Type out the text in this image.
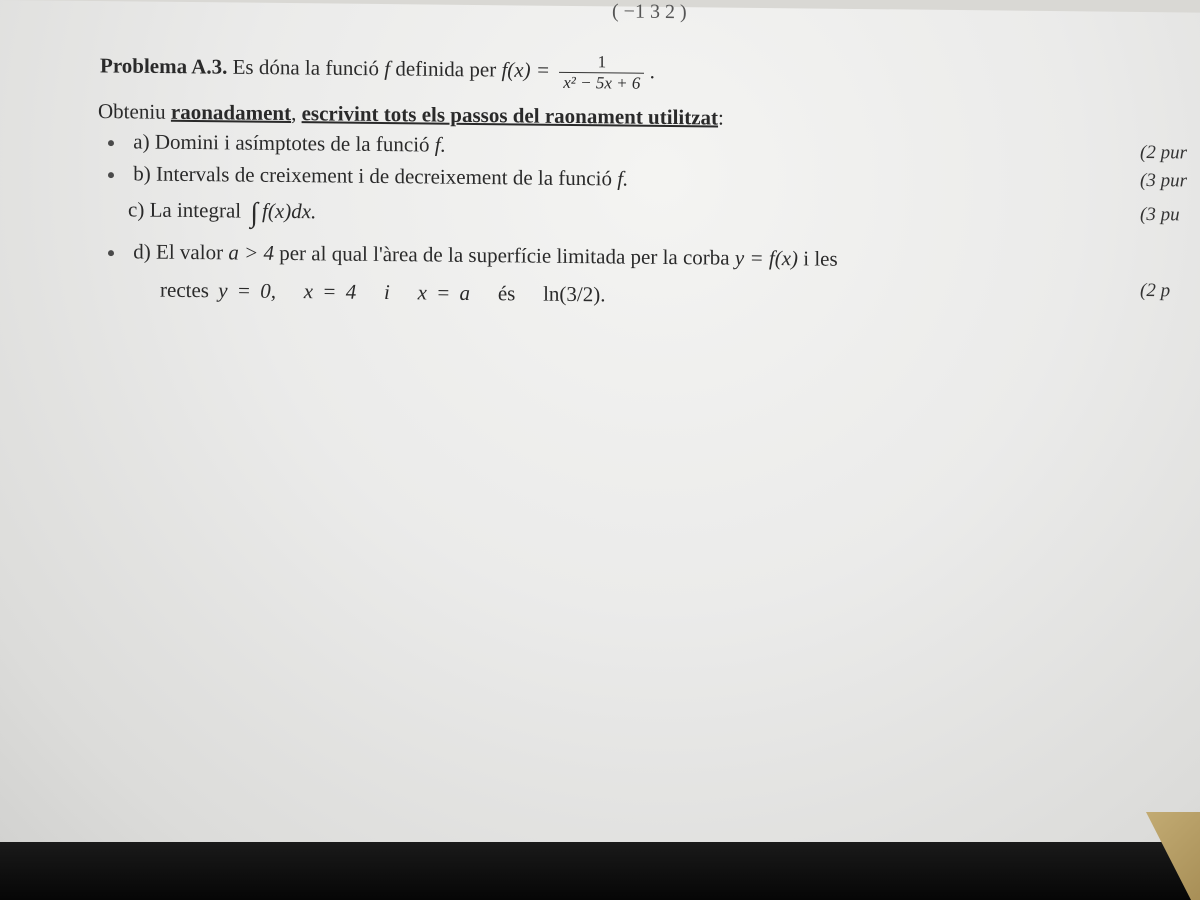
( −1 3 2 )
Problema A.3. Es dóna la funció f definida per $f(x) = \frac{1}{\text{x² − 5x + 6}}$ .
Obteniu raonadament, escrivint tots els passos del raonament utilitzat:
a) Domini i asímptotes de la funció f.	(2 pur
b) Intervals de creixement i de decreixement de la funció f.	(3 pur
c) La integral ∫ f(x)dx.	(3 pu
d) El valor a > 4 per al qual l'àrea de la superfície limitada per la corba y = f(x) i les
(2 p
rectes y = 0, x = 4 i x = a és ln(3/2).
